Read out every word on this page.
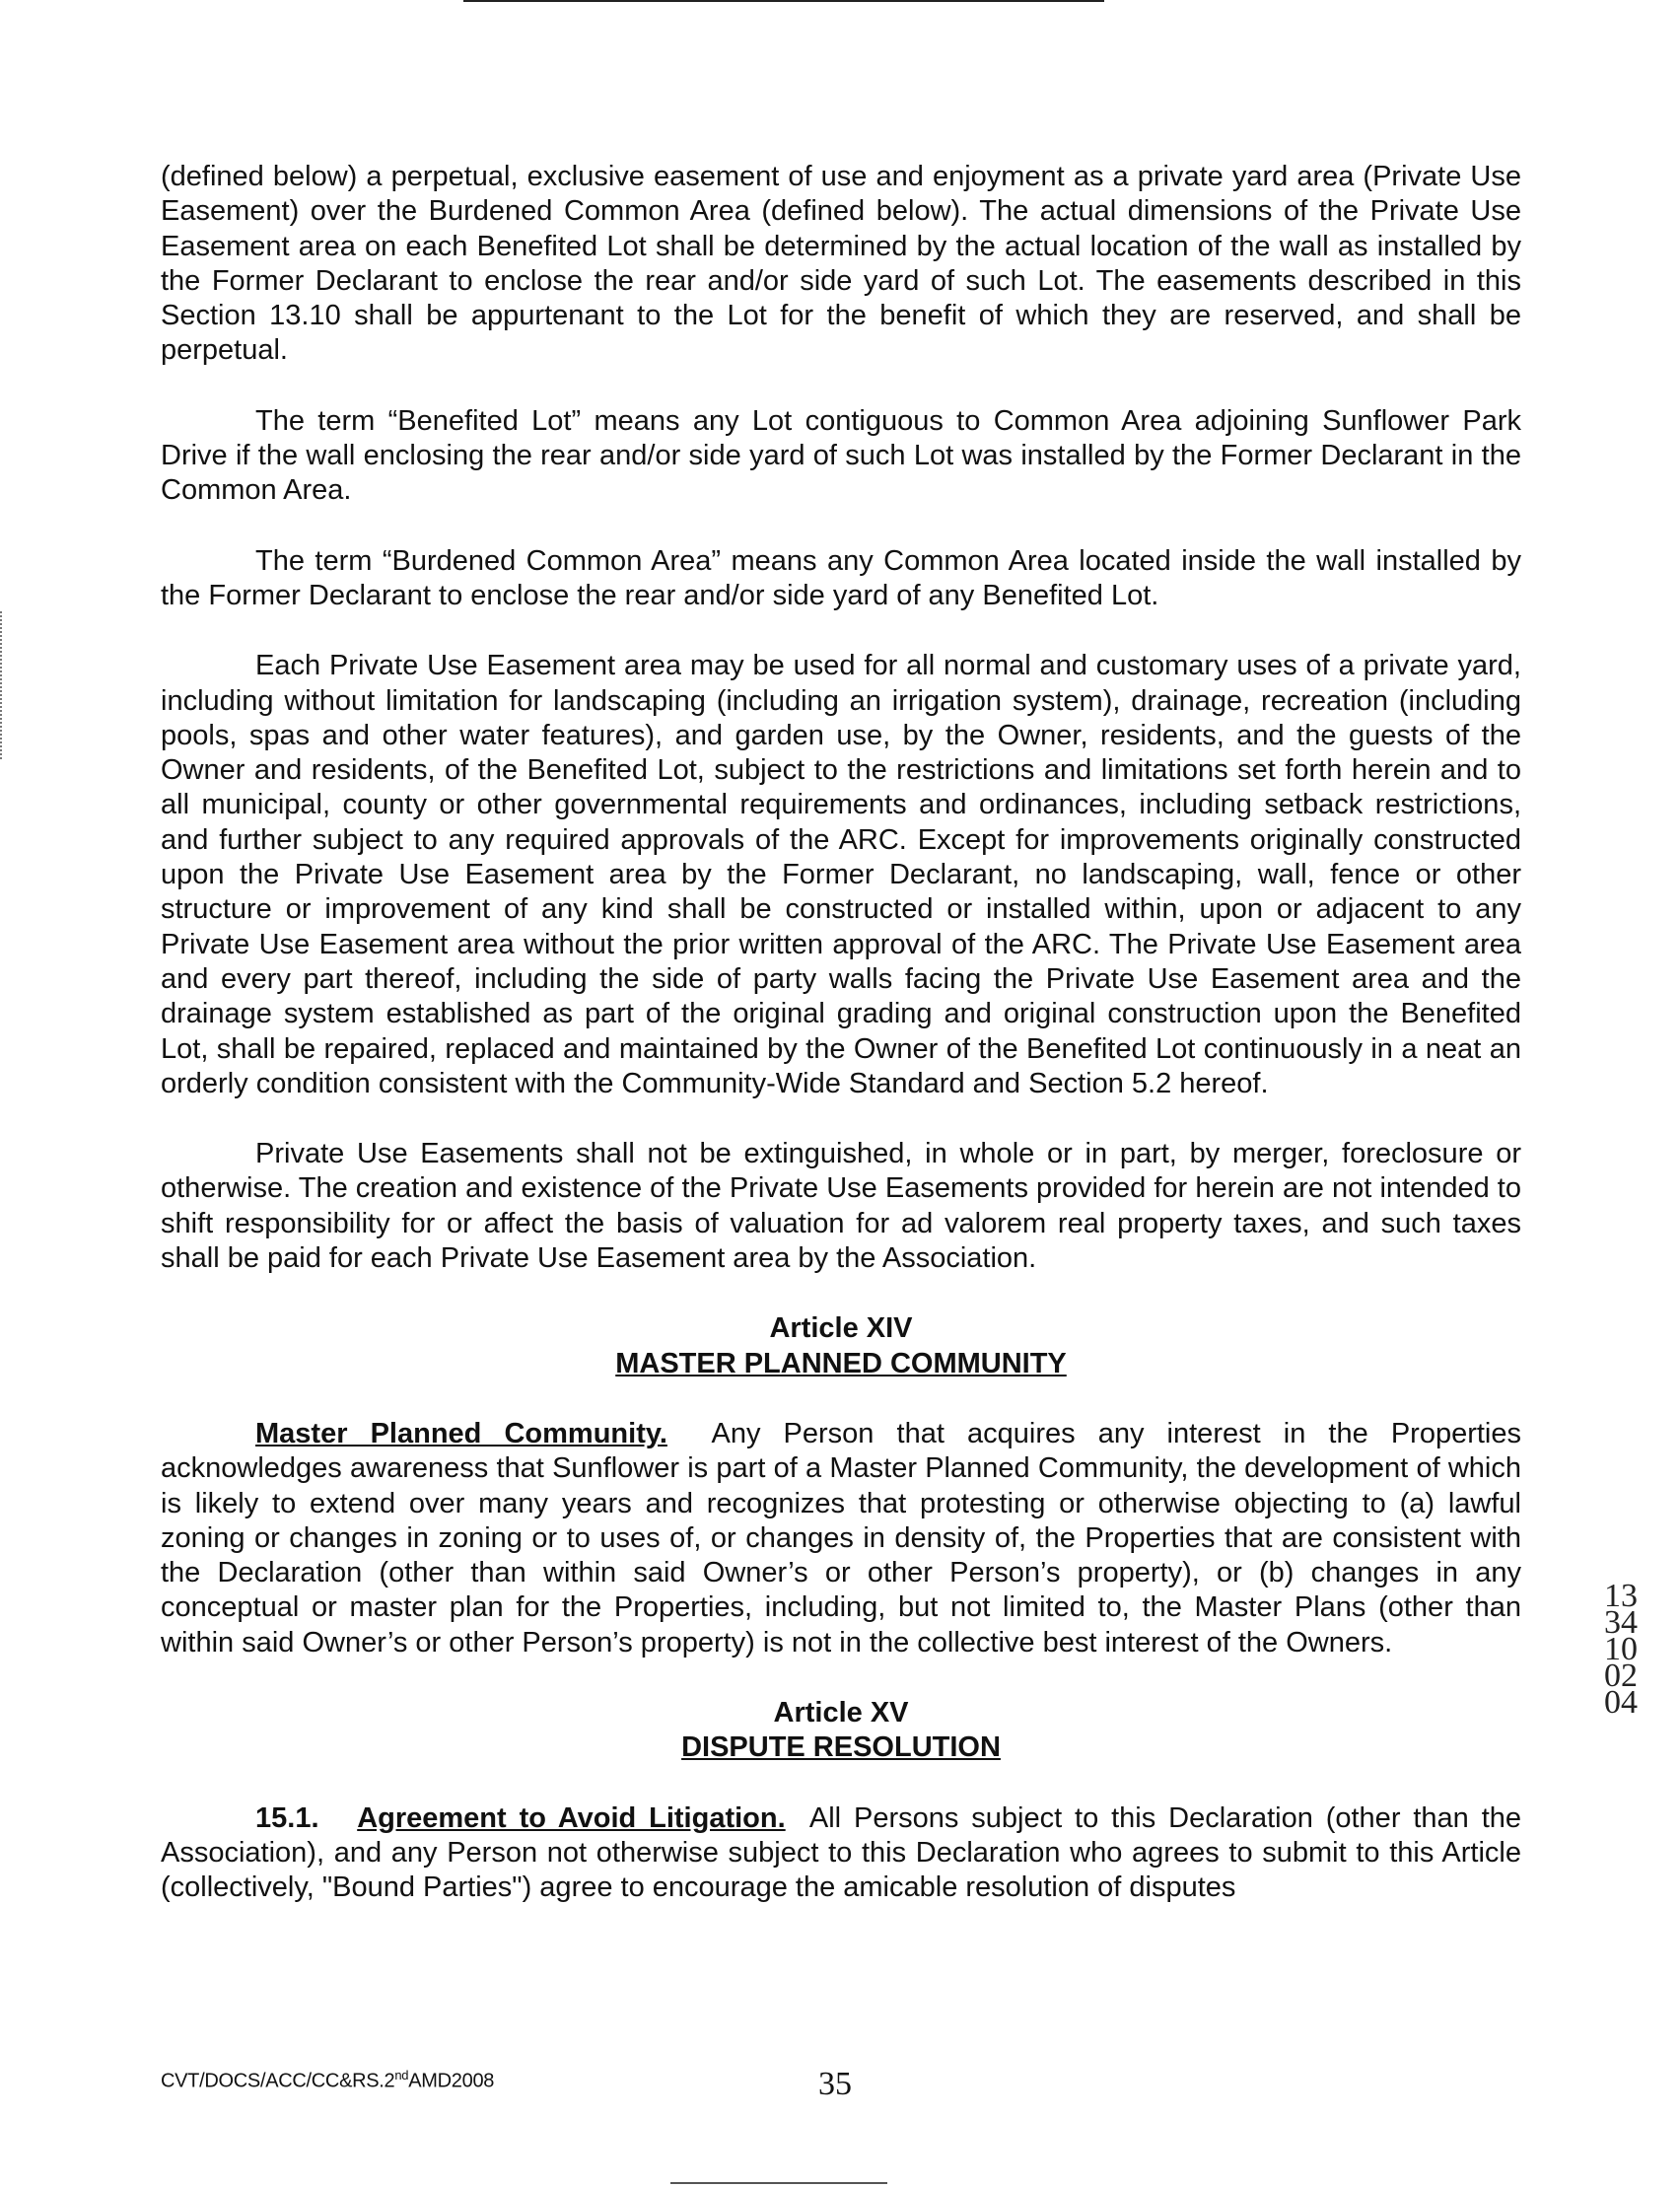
(defined below) a perpetual, exclusive easement of use and enjoyment as a private yard area (Private Use Easement) over the Burdened Common Area (defined below). The actual dimensions of the Private Use Easement area on each Benefited Lot shall be determined by the actual location of the wall as installed by the Former Declarant to enclose the rear and/or side yard of such Lot. The easements described in this Section 13.10 shall be appurtenant to the Lot for the benefit of which they are reserved, and shall be perpetual.

The term “Benefited Lot” means any Lot contiguous to Common Area adjoining Sunflower Park Drive if the wall enclosing the rear and/or side yard of such Lot was installed by the Former Declarant in the Common Area.

The term “Burdened Common Area” means any Common Area located inside the wall installed by the Former Declarant to enclose the rear and/or side yard of any Benefited Lot.

Each Private Use Easement area may be used for all normal and customary uses of a private yard, including without limitation for landscaping (including an irrigation system), drainage, recreation (including pools, spas and other water features), and garden use, by the Owner, residents, and the guests of the Owner and residents, of the Benefited Lot, subject to the restrictions and limitations set forth herein and to all municipal, county or other governmental requirements and ordinances, including setback restrictions, and further subject to any required approvals of the ARC. Except for improvements originally constructed upon the Private Use Easement area by the Former Declarant, no landscaping, wall, fence or other structure or improvement of any kind shall be constructed or installed within, upon or adjacent to any Private Use Easement area without the prior written approval of the ARC. The Private Use Easement area and every part thereof, including the side of party walls facing the Private Use Easement area and the drainage system established as part of the original grading and original construction upon the Benefited Lot, shall be repaired, replaced and maintained by the Owner of the Benefited Lot continuously in a neat an orderly condition consistent with the Community-Wide Standard and Section 5.2 hereof.

Private Use Easements shall not be extinguished, in whole or in part, by merger, foreclosure or otherwise. The creation and existence of the Private Use Easements provided for herein are not intended to shift responsibility for or affect the basis of valuation for ad valorem real property taxes, and such taxes shall be paid for each Private Use Easement area by the Association.

Article XIV
MASTER PLANNED COMMUNITY

Master Planned Community. Any Person that acquires any interest in the Properties acknowledges awareness that Sunflower is part of a Master Planned Community, the development of which is likely to extend over many years and recognizes that protesting or otherwise objecting to (a) lawful zoning or changes in zoning or to uses of, or changes in density of, the Properties that are consistent with the Declaration (other than within said Owner’s or other Person’s property), or (b) changes in any conceptual or master plan for the Properties, including, but not limited to, the Master Plans (other than within said Owner’s or other Person’s property) is not in the collective best interest of the Owners.

Article XV
DISPUTE RESOLUTION

15.1. Agreement to Avoid Litigation. All Persons subject to this Declaration (other than the Association), and any Person not otherwise subject to this Declaration who agrees to submit to this Article (collectively, "Bound Parties") agree to encourage the amicable resolution of disputes

CVT/DOCS/ACC/CC&RS.2ndAMD2008	35
1334100204
